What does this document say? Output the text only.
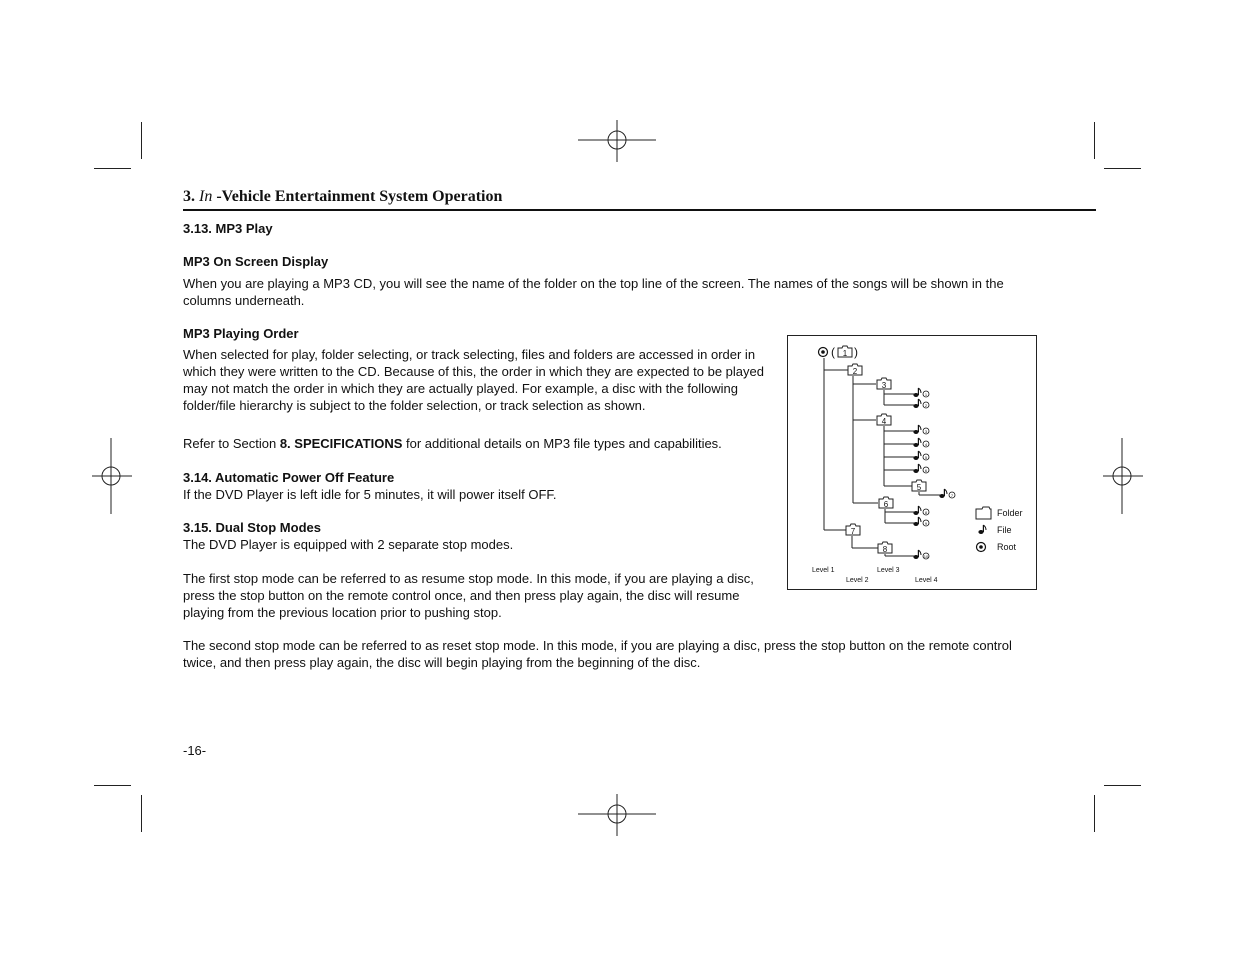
3. In -Vehicle Entertainment System Operation
3.13. MP3 Play
MP3 On Screen Display
When you are playing a MP3 CD, you will see the name of the folder on the top line of the screen. The names of the songs will be shown in the columns underneath.
MP3 Playing Order
When selected for play, folder selecting, or track selecting, files and folders are accessed in order in which they were written to the CD. Because of this, the order in which they are expected to be played may not match the order in which they are actually played. For example, a disc with the following folder/file hierarchy is subject to the folder selection, or track selection as shown.
Refer to Section 8. SPECIFICATIONS for additional details on MP3 file types and capabilities.
3.14. Automatic Power Off Feature
If the DVD Player is left idle for 5 minutes, it will power itself OFF.
3.15. Dual Stop Modes
The DVD Player is equipped with 2 separate stop modes.
The first stop mode can be referred to as resume stop mode. In this mode, if you are playing a disc, press the stop button on the remote control once, and then press play again, the disc will resume playing from the previous location prior to pushing stop.
The second stop mode can be referred to as reset stop mode. In this mode, if you are playing a disc, press the stop button on the remote control twice, and then press play again, the disc will begin playing from the beginning of the disc.
-16-
( 1 )
2
3
4
5
6
7
8
1
2
3
4
5
6
7
8
9
10
Folder
File
Root
Level 1
Level 2
Level 3
Level 4
